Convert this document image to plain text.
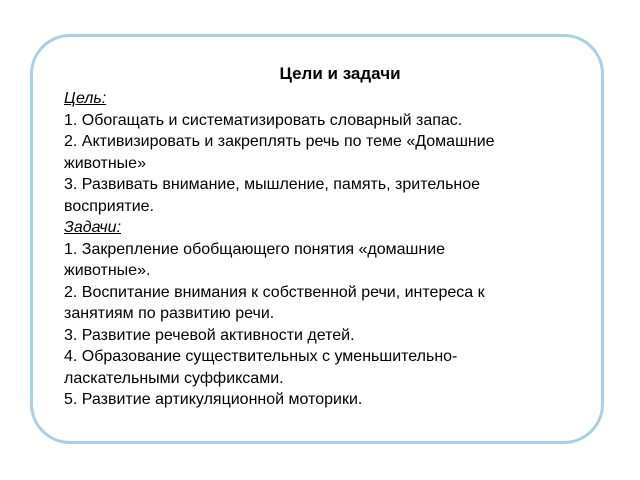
Цели и задачи
Цель:
1. Обогащать и систематизировать словарный запас.
2. Активизировать и закреплять речь по теме «Домашние
животные»
3. Развивать внимание, мышление, память, зрительное
восприятие.
Задачи:
1. Закрепление обобщающего понятия «домашние
животные».
2. Воспитание внимания к собственной речи, интереса к
занятиям по развитию речи.
3. Развитие речевой активности детей.
4. Образование существительных с уменьшительно-
ласкательными суффиксами.
5. Развитие артикуляционной моторики.
